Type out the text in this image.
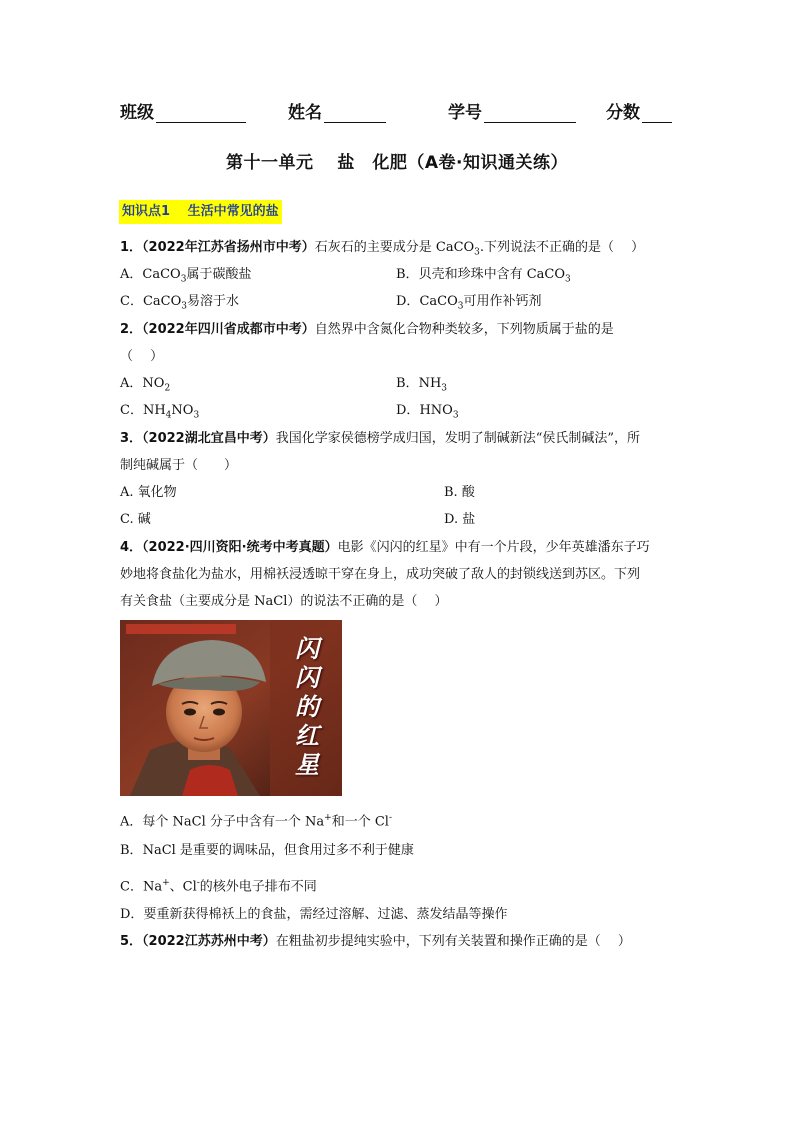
班级	姓名	学号	分数
第十一单元　 盐　化肥（A卷·知识通关练）
知识点1　 生活中常见的盐
1．（2022年江苏省扬州市中考）石灰石的主要成分是 CaCO$_3$.下列说法不正确的是（　 ）
A．CaCO$_3$属于碳酸盐	B．贝壳和珍珠中含有 CaCO$_3$
C．CaCO$_3$易溶于水	D．CaCO$_3$可用作补钙剂
2．（2022年四川省成都市中考）自然界中含氮化合物种类较多，下列物质属于盐的是
（　 ）
A．$NO_2$	B．$NH_3$
C．$NH_4NO_3$	D．$HNO_3$
3．（2022湖北宜昌中考）我国化学家侯德榜学成归国，发明了制碱新法“侯氏制碱法”，所
制纯碱属于（　　）
A. 氧化物	B. 酸
C. 碱	D. 盐
4．（2022·四川资阳·统考中考真题）电影《闪闪的红星》中有一个片段，少年英雄潘东子巧
妙地将食盐化为盐水，用棉袄浸透晾干穿在身上，成功突破了敌人的封锁线送到苏区。下列
有关食盐（主要成分是 NaCl）的说法不正确的是（　 ）
闪闪的红星
A．每个 NaCl 分子中含有一个 Na+和一个 Cl-
B．NaCl 是重要的调味品，但食用过多不利于健康
C．Na+、Cl-的核外电子排布不同
D．要重新获得棉袄上的食盐，需经过溶解、过滤、蒸发结晶等操作
5．（2022江苏苏州中考）在粗盐初步提纯实验中，下列有关装置和操作正确的是（　 ）
